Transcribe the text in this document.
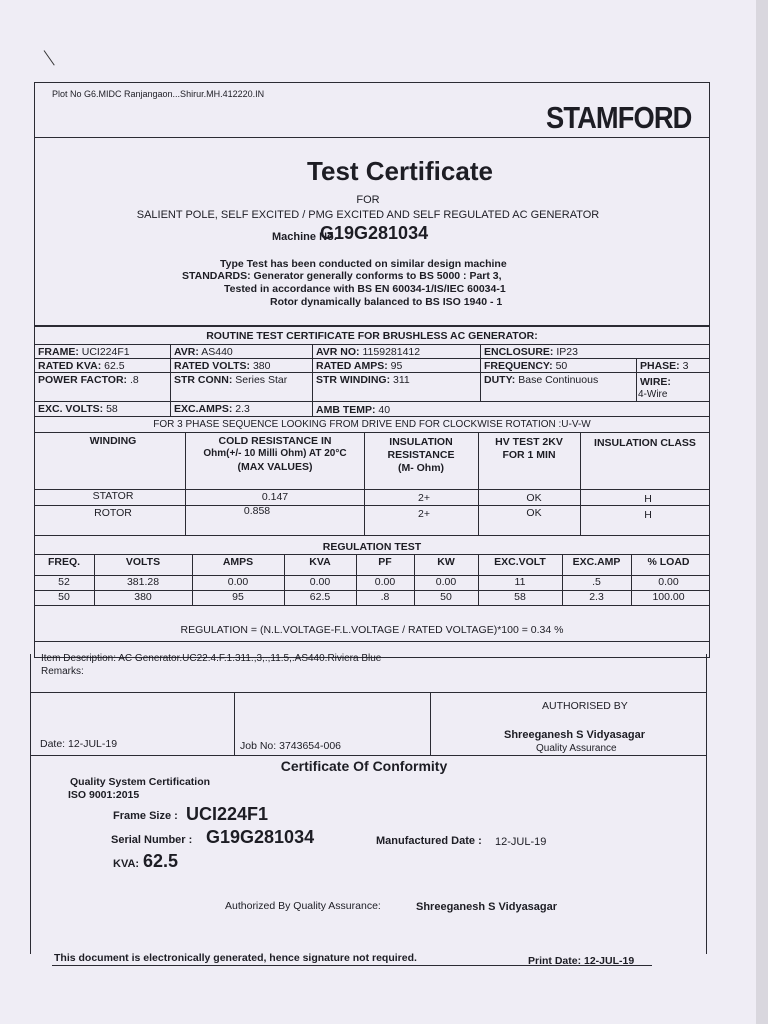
Plot No G6.MIDC Ranjangaon...Shirur.MH.412220.IN
STAMFORD
Test Certificate
FOR
SALIENT POLE, SELF EXCITED / PMG EXCITED AND SELF REGULATED AC GENERATOR
Machine No.
G19G281034
Type Test has been conducted on similar design machine
STANDARDS: Generator generally conforms to BS 5000 : Part 3,
Tested in accordance with BS EN 60034-1/IS/IEC 60034-1
Rotor dynamically balanced to BS ISO 1940 - 1
ROUTINE TEST CERTIFICATE FOR BRUSHLESS AC GENERATOR:
FRAME: UCI224F1	AVR: AS440	AVR NO: 1159281412	ENCLOSURE: IP23
RATED KVA: 62.5	RATED VOLTS: 380	RATED AMPS: 95	FREQUENCY: 50	PHASE: 3
POWER FACTOR: .8	STR CONN: Series Star	STR WINDING: 311	DUTY: Base Continuous	WIRE:
4-Wire
EXC. VOLTS: 58	EXC.AMPS: 2.3	AMB TEMP: 40
FOR 3 PHASE SEQUENCE LOOKING FROM DRIVE END FOR CLOCKWISE ROTATION :U-V-W
WINDING	COLD RESISTANCE IN
Ohm(+/- 10 Milli Ohm) AT 20°C
(MAX VALUES)
INSULATION
RESISTANCE
(M- Ohm)
HV TEST 2KV
FOR 1 MIN
INSULATION CLASS
STATOR	0.147	2+	OK	H
ROTOR	0.858	2+	OK	H
REGULATION TEST
FREQ.	VOLTS	AMPS	KVA	PF	KW	EXC.VOLT	EXC.AMP	% LOAD
52	381.28	0.00	0.00	0.00	0.00	11	.5	0.00
50	380	95	62.5	.8	50	58	2.3	100.00
REGULATION = (N.L.VOLTAGE-F.L.VOLTAGE / RATED VOLTAGE)*100 = 0.34 %
Item Description: AC Generator.UC22.4.F.1.311.,3,.,11.5,.AS440.Riviera Blue
Remarks:
Date: 12-JUL-19	Job No: 3743654-006
AUTHORISED BY
Shreeganesh S Vidyasagar
Quality Assurance
Certificate Of Conformity
Quality System Certification
ISO 9001:2015
Frame Size : UCI224F1
Serial Number : G19G281034	Manufactured Date : 12-JUL-19
KVA: 62.5
Authorized By Quality Assurance:	Shreeganesh S Vidyasagar
This document is electronically generated, hence signature not required.	Print Date: 12-JUL-19
